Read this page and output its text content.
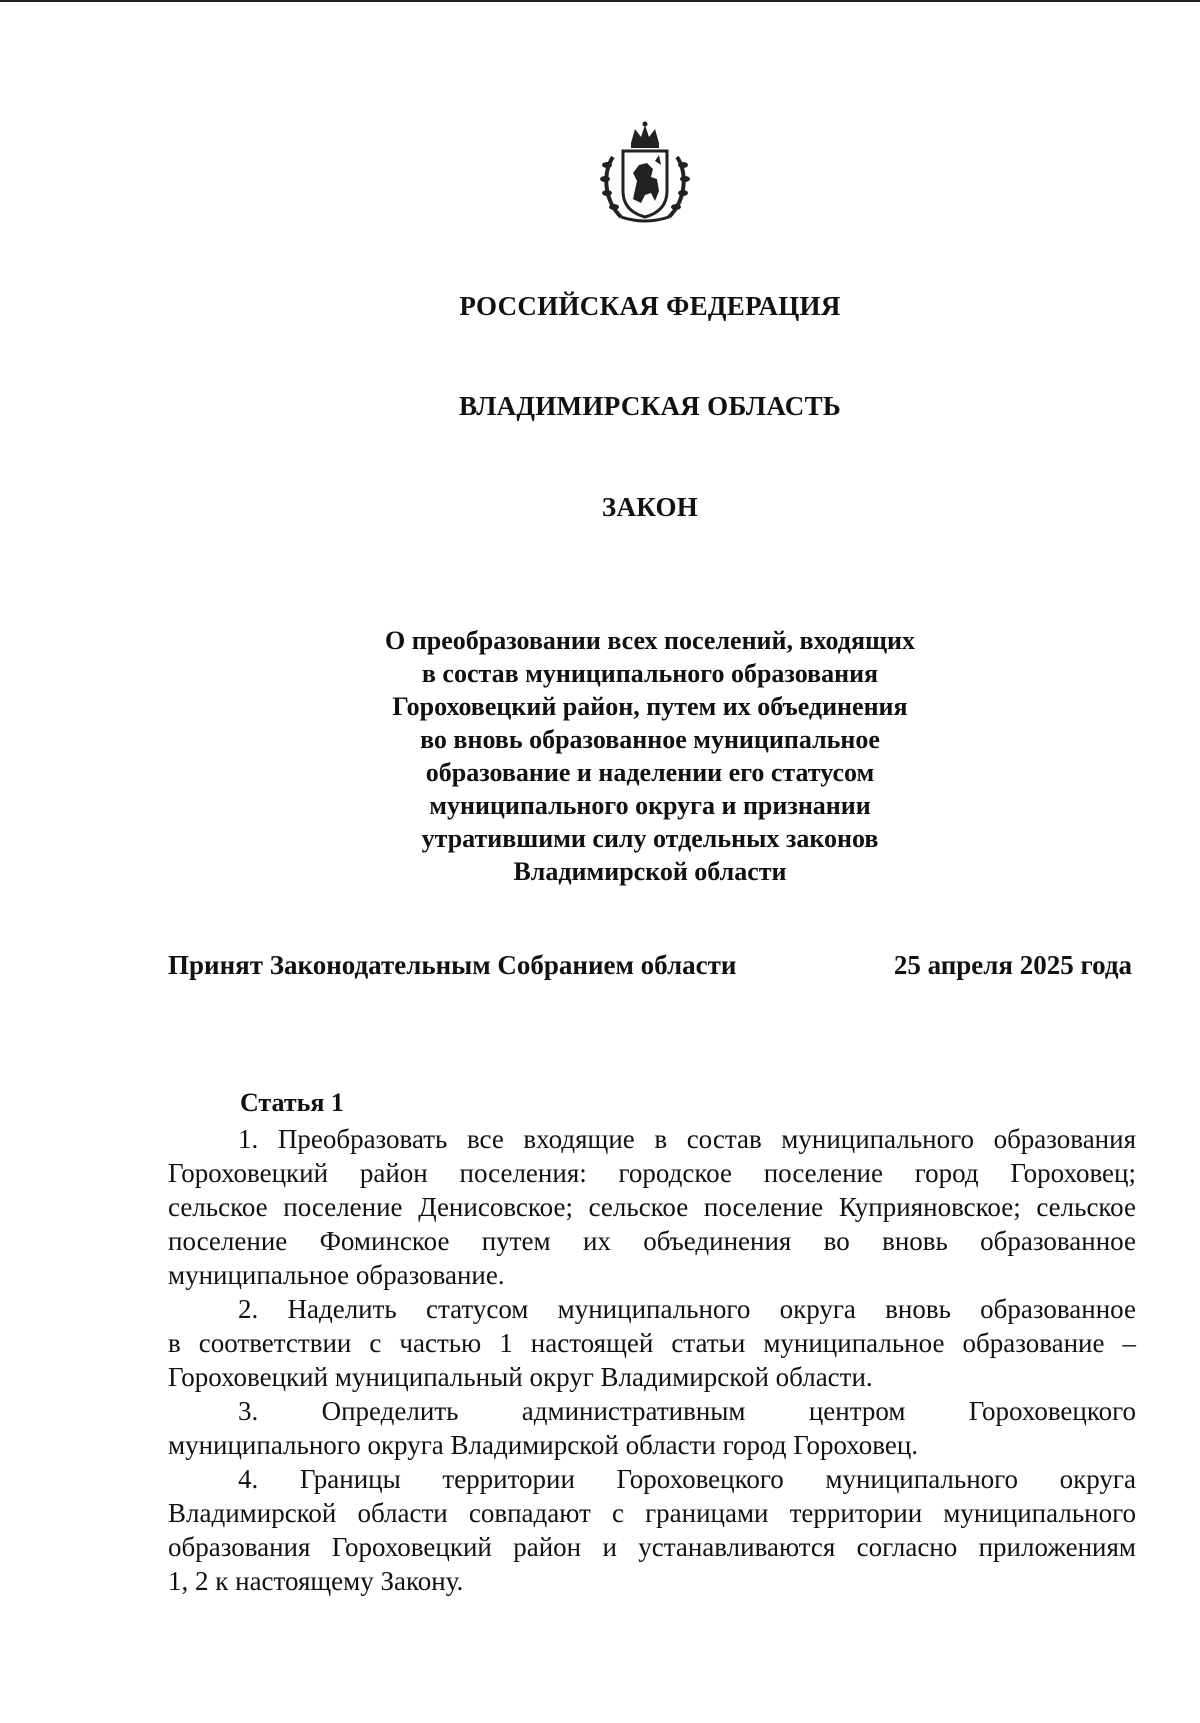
РОССИЙСКАЯ ФЕДЕРАЦИЯ
ВЛАДИМИРСКАЯ ОБЛАСТЬ
ЗАКОН
О преобразовании всех поселений, входящих
в состав муниципального образования
Гороховецкий район, путем их объединения
во вновь образованное муниципальное
образование и наделении его статусом
муниципального округа и признании
утратившими силу отдельных законов
Владимирской области
Принят Законодательным Собранием области	25 апреля 2025 года
Статья 1
1. Преобразовать все входящие в состав муниципального образования
Гороховецкий район поселения: городское поселение город Гороховец;
сельское поселение Денисовское; сельское поселение Куприяновское; сельское
поселение Фоминское путем их объединения во вновь образованное
муниципальное образование.
2. Наделить статусом муниципального округа вновь образованное
в соответствии с частью 1 настоящей статьи муниципальное образование –
Гороховецкий муниципальный округ Владимирской области.
3. Определить административным центром Гороховецкого
муниципального округа Владимирской области город Гороховец.
4. Границы территории Гороховецкого муниципального округа
Владимирской области совпадают с границами территории муниципального
образования Гороховецкий район и устанавливаются согласно приложениям
1, 2 к настоящему Закону.
